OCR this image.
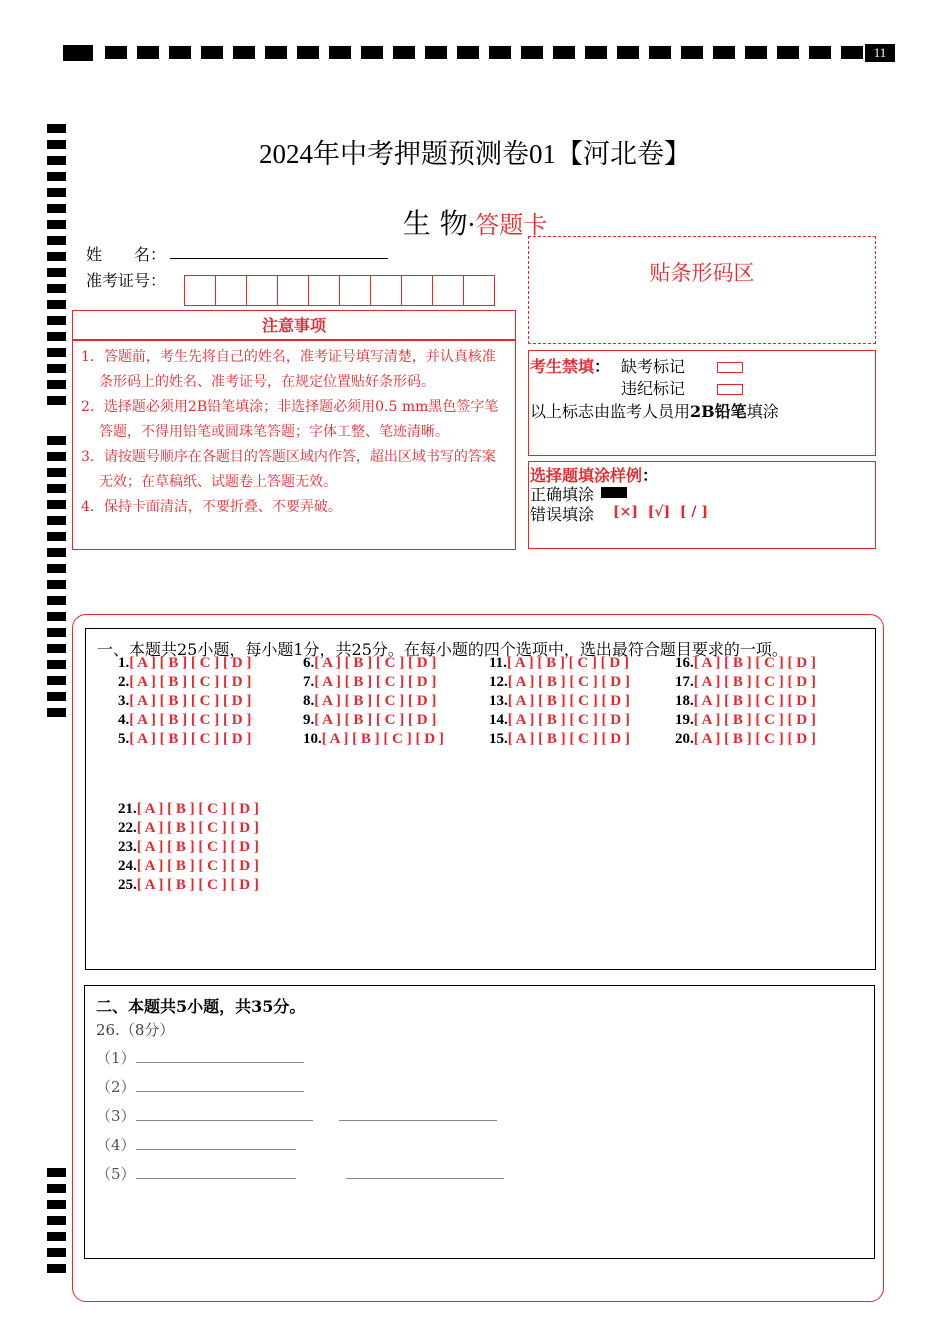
11
2024年中考押题预测卷01【河北卷】
生 物·答题卡
姓　　名：
准考证号：
注意事项
1．答题前，考生先将自己的姓名，准考证号填写清楚，并认真核准条形码上的姓名、准考证号，在规定位置贴好条形码。
2．选择题必须用2B铅笔填涂；非选择题必须用0.5 mm黑色签字笔答题，不得用铅笔或圆珠笔答题；字体工整、笔迹清晰。
3．请按题号顺序在各题目的答题区域内作答，超出区域书写的答案无效；在草稿纸、试题卷上答题无效。
4．保持卡面清洁，不要折叠、不要弄破。
贴条形码区
考生禁填： 缺考标记
违纪标记
以上标志由监考人员用2B铅笔填涂
选择题填涂样例：
正确填涂
错误填涂 [×]  [√]  [ / ]
一、本题共25小题，每小题1分，共25分。在每小题的四个选项中，选出最符合题目要求的一项。
1.[ A ] [ B ] [ C ] [ D ]
2.[ A ] [ B ] [ C ] [ D ]
3.[ A ] [ B ] [ C ] [ D ]
4.[ A ] [ B ] [ C ] [ D ]
5.[ A ] [ B ] [ C ] [ D ]
6.[ A ] [ B ] [ C ] [ D ]
7.[ A ] [ B ] [ C ] [ D ]
8.[ A ] [ B ] [ C ] [ D ]
9.[ A ] [ B ] [ C ] [ D ]
10.[ A ] [ B ] [ C ] [ D ]
11.[ A ] [ B ] [ C ] [ D ]
12.[ A ] [ B ] [ C ] [ D ]
13.[ A ] [ B ] [ C ] [ D ]
14.[ A ] [ B ] [ C ] [ D ]
15.[ A ] [ B ] [ C ] [ D ]
16.[ A ] [ B ] [ C ] [ D ]
17.[ A ] [ B ] [ C ] [ D ]
18.[ A ] [ B ] [ C ] [ D ]
19.[ A ] [ B ] [ C ] [ D ]
20.[ A ] [ B ] [ C ] [ D ]
21.[ A ] [ B ] [ C ] [ D ]
22.[ A ] [ B ] [ C ] [ D ]
23.[ A ] [ B ] [ C ] [ D ]
24.[ A ] [ B ] [ C ] [ D ]
25.[ A ] [ B ] [ C ] [ D ]
二、本题共5小题，共35分。
26.（8分）
（1）
（2）
（3）
（4）
（5）
